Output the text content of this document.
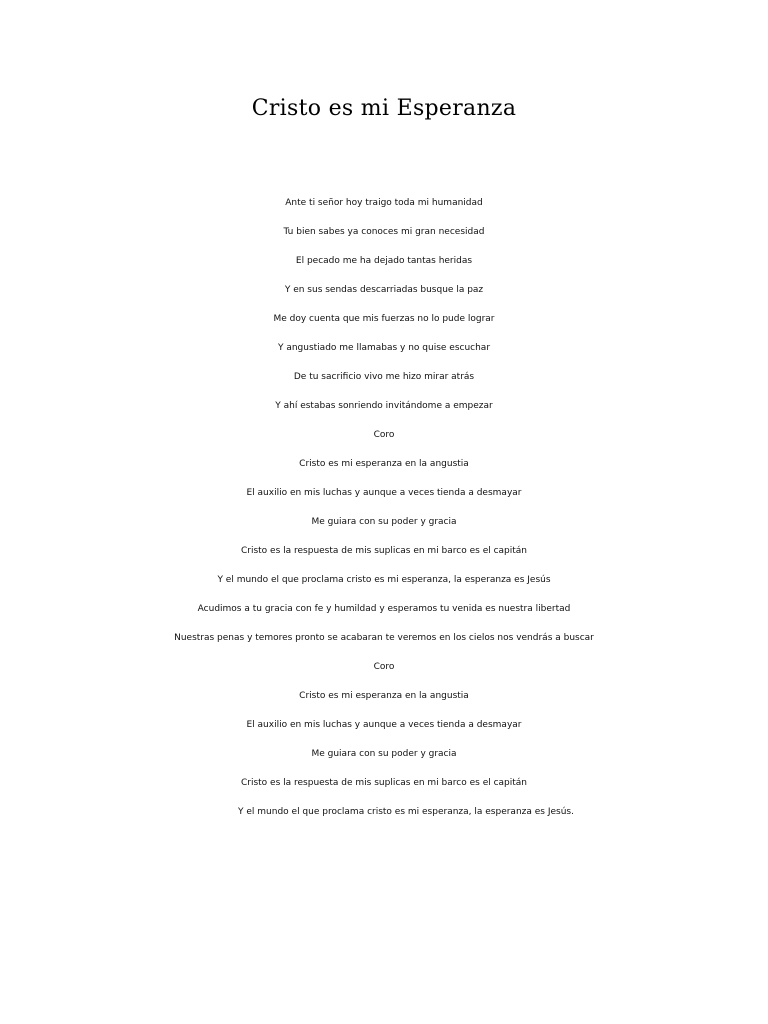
Cristo es mi Esperanza
Ante ti señor hoy traigo toda mi humanidad
Tu bien sabes ya conoces mi gran necesidad
El pecado me ha dejado tantas heridas
Y en sus sendas descarriadas busque la paz
Me doy cuenta que mis fuerzas no lo pude lograr
Y angustiado me llamabas y no quise escuchar
De tu sacrificio vivo me hizo mirar atrás
Y ahí estabas sonriendo invitándome a empezar
Coro
Cristo es mi esperanza en la angustia
El auxilio en mis luchas y aunque a veces tienda a desmayar
Me guiara con su poder y gracia
Cristo es la respuesta de mis suplicas en mi barco es el capitán
Y el mundo el que proclama cristo es mi esperanza, la esperanza es Jesús
Acudimos a tu gracia con fe y humildad y esperamos tu venida es nuestra libertad
Nuestras penas y temores pronto se acabaran te veremos en los cielos nos vendrás a buscar
Coro
Cristo es mi esperanza en la angustia
El auxilio en mis luchas y aunque a veces tienda a desmayar
Me guiara con su poder y gracia
Cristo es la respuesta de mis suplicas en mi barco es el capitán
Y el mundo el que proclama cristo es mi esperanza, la esperanza es Jesús.
